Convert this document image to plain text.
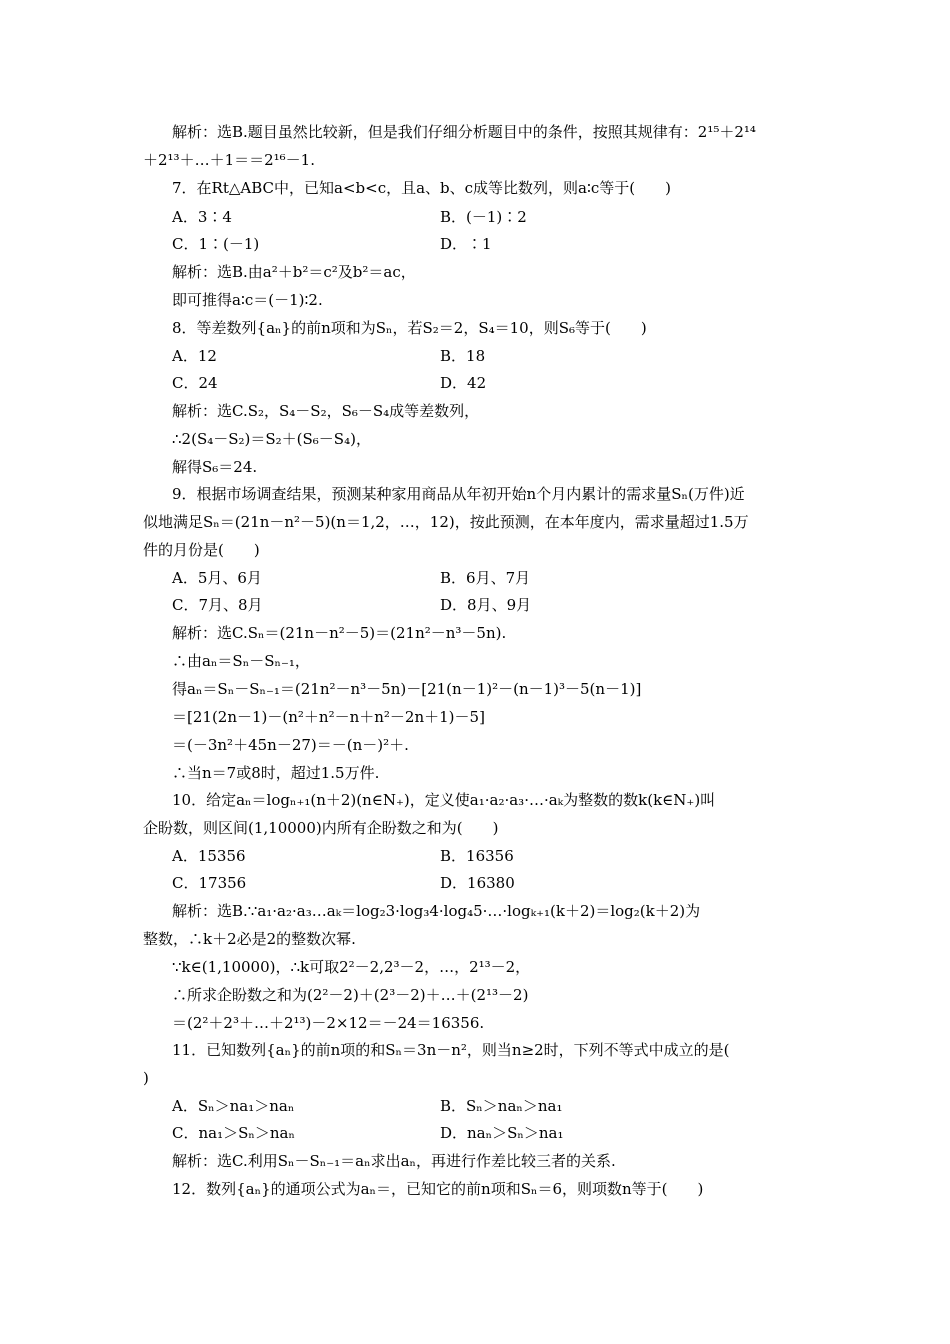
解析：选B.题目虽然比较新，但是我们仔细分析题目中的条件，按照其规律有：2¹⁵＋2¹⁴
＋2¹³＋…＋1＝＝2¹⁶－1.
7．在Rt△ABC中，已知a<b<c，且a、b、c成等比数列，则a∶c等于(　　)
解析：选B.由a²＋b²＝c²及b²＝ac，
即可推得a∶c＝(－1)∶2.
8．等差数列{aₙ}的前n项和为Sₙ，若S₂＝2，S₄＝10，则S₆等于(　　)
解析：选C.S₂，S₄－S₂，S₆－S₄成等差数列，
∴2(S₄－S₂)＝S₂＋(S₆－S₄)，
解得S₆＝24.
9．根据市场调查结果，预测某种家用商品从年初开始n个月内累计的需求量Sₙ(万件)近
似地满足Sₙ＝(21n－n²－5)(n＝1,2，…，12)，按此预测，在本年度内，需求量超过1.5万
件的月份是(　　)
解析：选C.Sₙ＝(21n－n²－5)＝(21n²－n³－5n).
∴由aₙ＝Sₙ－Sₙ₋₁，
得aₙ＝Sₙ－Sₙ₋₁＝(21n²－n³－5n)－[21(n－1)²－(n－1)³－5(n－1)]
＝[21(2n－1)－(n²＋n²－n＋n²－2n＋1)－5]
＝(－3n²＋45n－27)＝－(n－)²＋.
∴当n＝7或8时，超过1.5万件.
10．给定aₙ＝logₙ₊₁(n＋2)(n∈N₊)，定义使a₁·a₂·a₃·…·aₖ为整数的数k(k∈N₊)叫
企盼数，则区间(1,10000)内所有企盼数之和为(　　)
解析：选B.∵a₁·a₂·a₃…aₖ＝log₂3·log₃4·log₄5·…·logₖ₊₁(k＋2)＝log₂(k＋2)为
整数，∴k＋2必是2的整数次幂.
∵k∈(1,10000)，∴k可取2²－2,2³－2，…，2¹³－2，
∴所求企盼数之和为(2²－2)＋(2³－2)＋…＋(2¹³－2)
＝(2²＋2³＋…＋2¹³)－2×12＝－24＝16356.
11．已知数列{aₙ}的前n项的和Sₙ＝3n－n²，则当n≥2时，下列不等式中成立的是(
)
解析：选C.利用Sₙ－Sₙ₋₁＝aₙ求出aₙ，再进行作差比较三者的关系.
12．数列{aₙ}的通项公式为aₙ＝，已知它的前n项和Sₙ＝6，则项数n等于(　　)
A．3∶4	B．(－1)∶2
C．1∶(－1)	D．∶1
A．12	B．18
C．24	D．42
A．5月、6月	B．6月、7月
C．7月、8月	D．8月、9月
A．15356	B．16356
C．17356	D．16380
A．Sₙ＞na₁＞naₙ	B．Sₙ＞naₙ＞na₁
C．na₁＞Sₙ＞naₙ	D．naₙ＞Sₙ＞na₁
